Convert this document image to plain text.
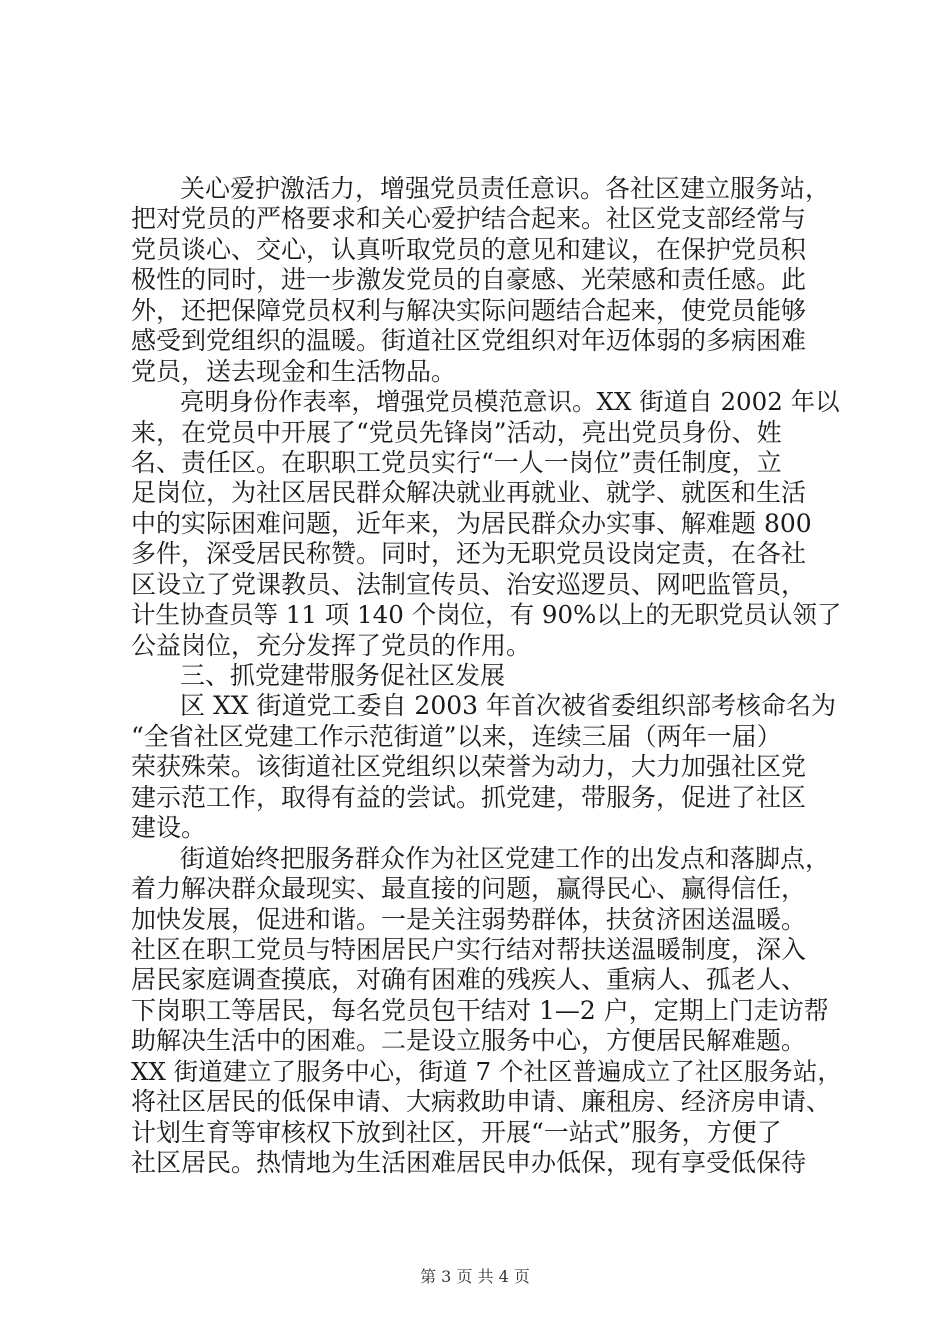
关心爱护激活力，增强党员责任意识。各社区建立服务站，
把对党员的严格要求和关心爱护结合起来。社区党支部经常与
党员谈心、交心，认真听取党员的意见和建议，在保护党员积
极性的同时，进一步激发党员的自豪感、光荣感和责任感。此
外，还把保障党员权利与解决实际问题结合起来，使党员能够
感受到党组织的温暖。街道社区党组织对年迈体弱的多病困难
党员，送去现金和生活物品。
亮明身份作表率，增强党员模范意识。XX 街道自 2002 年以
来，在党员中开展了“党员先锋岗”活动，亮出党员身份、姓
名、责任区。在职职工党员实行“一人一岗位”责任制度，立
足岗位，为社区居民群众解决就业再就业、就学、就医和生活
中的实际困难问题，近年来，为居民群众办实事、解难题 800
多件，深受居民称赞。同时，还为无职党员设岗定责，在各社
区设立了党课教员、法制宣传员、治安巡逻员、网吧监管员，
计生协查员等 11 项 140 个岗位，有 90%以上的无职党员认领了
公益岗位，充分发挥了党员的作用。
三、抓党建带服务促社区发展
区 XX 街道党工委自 2003 年首次被省委组织部考核命名为
“全省社区党建工作示范街道”以来，连续三届（两年一届）
荣获殊荣。该街道社区党组织以荣誉为动力，大力加强社区党
建示范工作，取得有益的尝试。抓党建，带服务，促进了社区
建设。
街道始终把服务群众作为社区党建工作的出发点和落脚点，
着力解决群众最现实、最直接的问题，赢得民心、赢得信任，
加快发展，促进和谐。一是关注弱势群体，扶贫济困送温暖。
社区在职工党员与特困居民户实行结对帮扶送温暖制度，深入
居民家庭调查摸底，对确有困难的残疾人、重病人、孤老人、
下岗职工等居民，每名党员包干结对 1—2 户，定期上门走访帮
助解决生活中的困难。二是设立服务中心，方便居民解难题。
XX 街道建立了服务中心，街道 7 个社区普遍成立了社区服务站，
将社区居民的低保申请、大病救助申请、廉租房、经济房申请、
计划生育等审核权下放到社区，开展“一站式”服务，方便了
社区居民。热情地为生活困难居民申办低保，现有享受低保待
第 3 页 共 4 页
